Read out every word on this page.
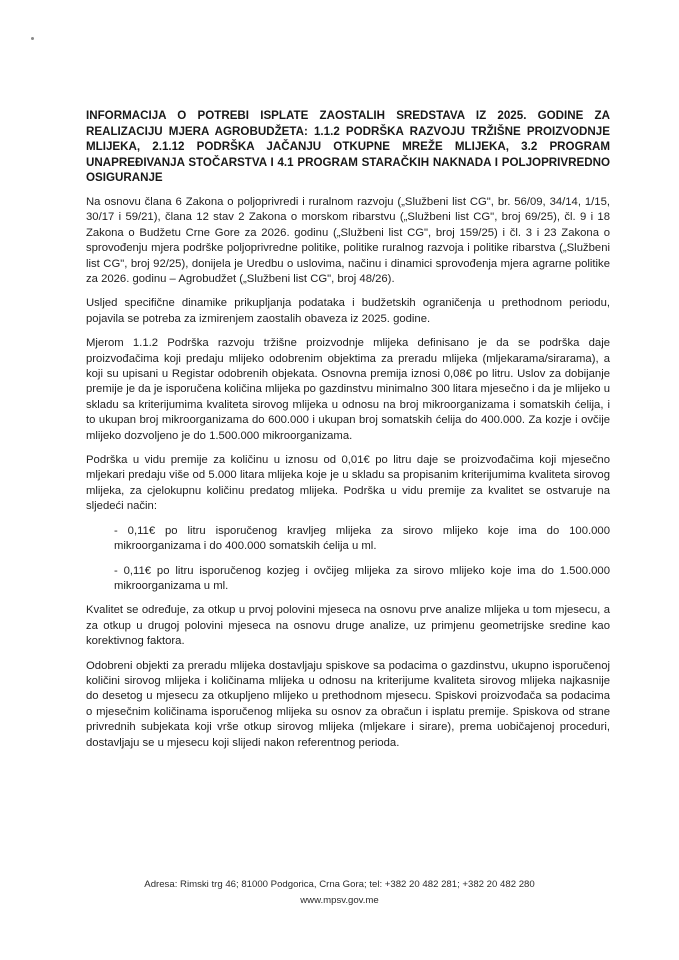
INFORMACIJA O POTREBI ISPLATE ZAOSTALIH SREDSTAVA IZ 2025. GODINE ZA REALIZACIJU MJERA AGROBUDŽETA: 1.1.2 PODRŠKA RAZVOJU TRŽIŠNE PROIZVODNJE MLIJEKA, 2.1.12 PODRŠKA JAČANJU OTKUPNE MREŽE MLIJEKA, 3.2 PROGRAM UNAPREĐIVANJA STOČARSTVA I 4.1 PROGRAM STARAČKIH NAKNADA I POLJOPRIVREDNO OSIGURANJE

Na osnovu člana 6 Zakona o poljoprivredi i ruralnom razvoju („Službeni list CG", br. 56/09, 34/14, 1/15, 30/17 i 59/21), člana 12 stav 2 Zakona o morskom ribarstvu („Službeni list CG", broj 69/25), čl. 9 i 18 Zakona o Budžetu Crne Gore za 2026. godinu („Službeni list CG", broj 159/25) i čl. 3 i 23 Zakona o sprovođenju mjera podrške poljoprivredne politike, politike ruralnog razvoja i politike ribarstva („Službeni list CG", broj 92/25), donijela je Uredbu o uslovima, načinu i dinamici sprovođenja mjera agrarne politike za 2026. godinu – Agrobudžet („Službeni list CG", broj 48/26).

Usljed specifične dinamike prikupljanja podataka i budžetskih ograničenja u prethodnom periodu, pojavila se potreba za izmirenjem zaostalih obaveza iz 2025. godine.

Mjerom 1.1.2 Podrška razvoju tržišne proizvodnje mlijeka definisano je da se podrška daje proizvođačima koji predaju mlijeko odobrenim objektima za preradu mlijeka (mljekarama/sirarama), a koji su upisani u Registar odobrenih objekata. Osnovna premija iznosi 0,08€ po litru. Uslov za dobijanje premije je da je isporučena količina mlijeka po gazdinstvu minimalno 300 litara mjesečno i da je mlijeko u skladu sa kriterijumima kvaliteta sirovog mlijeka u odnosu na broj mikroorganizama i somatskih ćelija, i to ukupan broj mikroorganizama do 600.000 i ukupan broj somatskih ćelija do 400.000. Za kozje i ovčije mlijeko dozvoljeno je do 1.500.000 mikroorganizama.

Podrška u vidu premije za količinu u iznosu od 0,01€ po litru daje se proizvođačima koji mjesečno mljekari predaju više od 5.000 litara mlijeka koje je u skladu sa propisanim kriterijumima kvaliteta sirovog mlijeka, za cjelokupnu količinu predatog mlijeka. Podrška u vidu premije za kvalitet se ostvaruje na sljedeći način:

- 0,11€ po litru isporučenog kravljeg mlijeka za sirovo mlijeko koje ima do 100.000 mikroorganizama i do 400.000 somatskih ćelija u ml.
- 0,11€ po litru isporučenog kozjeg i ovčijeg mlijeka za sirovo mlijeko koje ima do 1.500.000 mikroorganizama u ml.

Kvalitet se određuje, za otkup u prvoj polovini mjeseca na osnovu prve analize mlijeka u tom mjesecu, a za otkup u drugoj polovini mjeseca na osnovu druge analize, uz primjenu geometrijske sredine kao korektivnog faktora.

Odobreni objekti za preradu mlijeka dostavljaju spiskove sa podacima o gazdinstvu, ukupno isporučenoj količini sirovog mlijeka i količinama mlijeka u odnosu na kriterijume kvaliteta sirovog mlijeka najkasnije do desetog u mjesecu za otkupljeno mlijeko u prethodnom mjesecu. Spiskovi proizvođača sa podacima o mjesečnim količinama isporučenog mlijeka su osnov za obračun i isplatu premije. Spiskova od strane privrednih subjekata koji vrše otkup sirovog mlijeka (mljekare i sirare), prema uobičajenoj proceduri, dostavljaju se u mjesecu koji slijedi nakon referentnog perioda.

Adresa: Rimski trg 46; 81000 Podgorica, Crna Gora; tel: +382 20 482 281; +382 20 482 280
www.mpsv.gov.me
